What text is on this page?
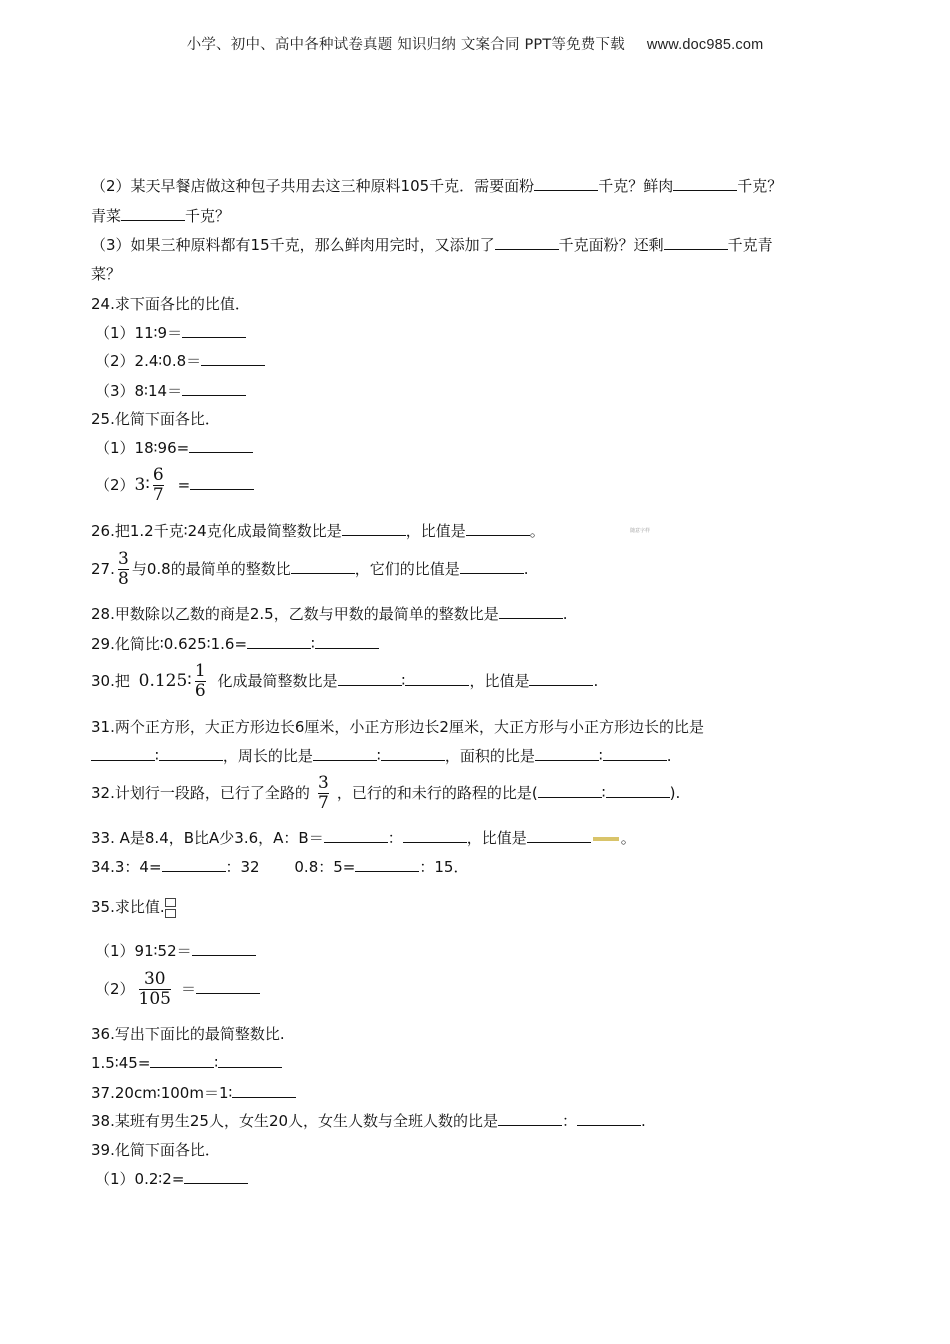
小学、初中、高中各种试卷真题 知识归纳 文案合同 PPT等免费下载 www.doc985.com
（2）某天早餐店做这种包子共用去这三种原料105千克．需要面粉	千克？鲜肉	千克？
青菜	千克？
（3）如果三种原料都有15千克，那么鲜肉用完时，又添加了	千克面粉？还剩	千克青
菜？
24.求下面各比的比值．
（1）11∶9＝
（2）2.4∶0.8＝
（3）8∶14＝
25.化简下面各比．
（1）18∶96=
（2）3∶ $\frac{6}{7}$ =
26.把1.2千克∶24克化成最简整数比是	，比值是	。	随意字样
27. $\frac{3}{8}$ 与0.8的最简单的整数比	，它们的比值是	.
28.甲数除以乙数的商是2.5，乙数与甲数的最简单的整数比是	.
29.化简比∶0.625∶1.6=	∶
30.把 0.125∶ $\frac{1}{6}$ 化成最简整数比是	∶	，比值是	.
31.两个正方形，大正方形边长6厘米，小正方形边长2厘米，大正方形与小正方形边长的比是
∶	，周长的比是	∶	，面积的比是	∶	.
32.计划行一段路，已行了全路的 $\frac{3}{7}$ ，已行的和未行的路程的比是(	∶	).
33. A是8.4，B比A少3.6，A：B＝	：	，比值是	。
34.3：4=	：32 0.8：5=	：15．
35.求比值.
（1）91∶52＝
$(2) \frac{30}{105}$ ＝
36.写出下面比的最简整数比.
1.5∶45=	∶
37.20cm∶100m＝1∶
38.某班有男生25人，女生20人，女生人数与全班人数的比是	：	.
39.化简下面各比．
（1）0.2∶2=
